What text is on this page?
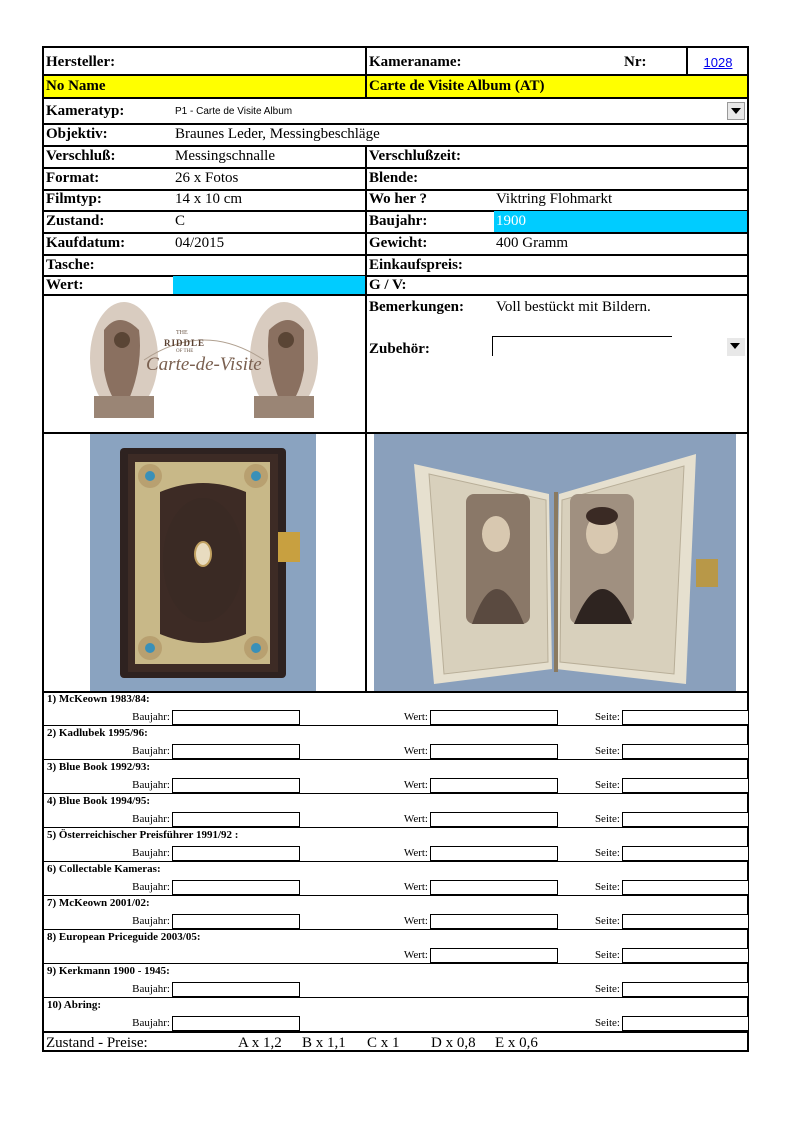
Hersteller:	Kameraname:	Nr:	1028
No Name	Carte de Visite Album (AT)
Kameratyp:	P1 - Carte de Visite Album
Objektiv:	Braunes Leder, Messingbeschläge
Verschluß:	Messingschnalle	Verschlußzeit:
Format:	26 x Fotos	Blende:
Filmtyp:	14 x 10 cm	Wo her ?	Viktring Flohmarkt
Zustand:	C	Baujahr:	1900
Kaufdatum:	04/2015	Gewicht:	400 Gramm
Tasche:	Einkaufspreis:
Wert:	G / V:
THE
RIDDLE
OF THE
Carte-de-Visite
Bemerkungen:	Voll bestückt mit Bildern.
Zubehör:
1) McKeown 1983/84:
Baujahr:	Wert:	Seite:
2) Kadlubek 1995/96:
Baujahr:	Wert:	Seite:
3) Blue Book 1992/93:
Baujahr:	Wert:	Seite:
4) Blue Book 1994/95:
Baujahr:	Wert:	Seite:
5) Österreichischer Preisführer 1991/92 :
Baujahr:	Wert:	Seite:
6) Collectable Kameras:
Baujahr:	Wert:	Seite:
7) McKeown 2001/02:
Baujahr:	Wert:	Seite:
8) European Priceguide 2003/05:
Wert:	Seite:
9) Kerkmann 1900 - 1945:
Baujahr:	Seite:
10) Abring:
Baujahr:	Seite:
Zustand - Preise:	A x 1,2	B x 1,1	C x 1	D x 0,8	E x 0,6
